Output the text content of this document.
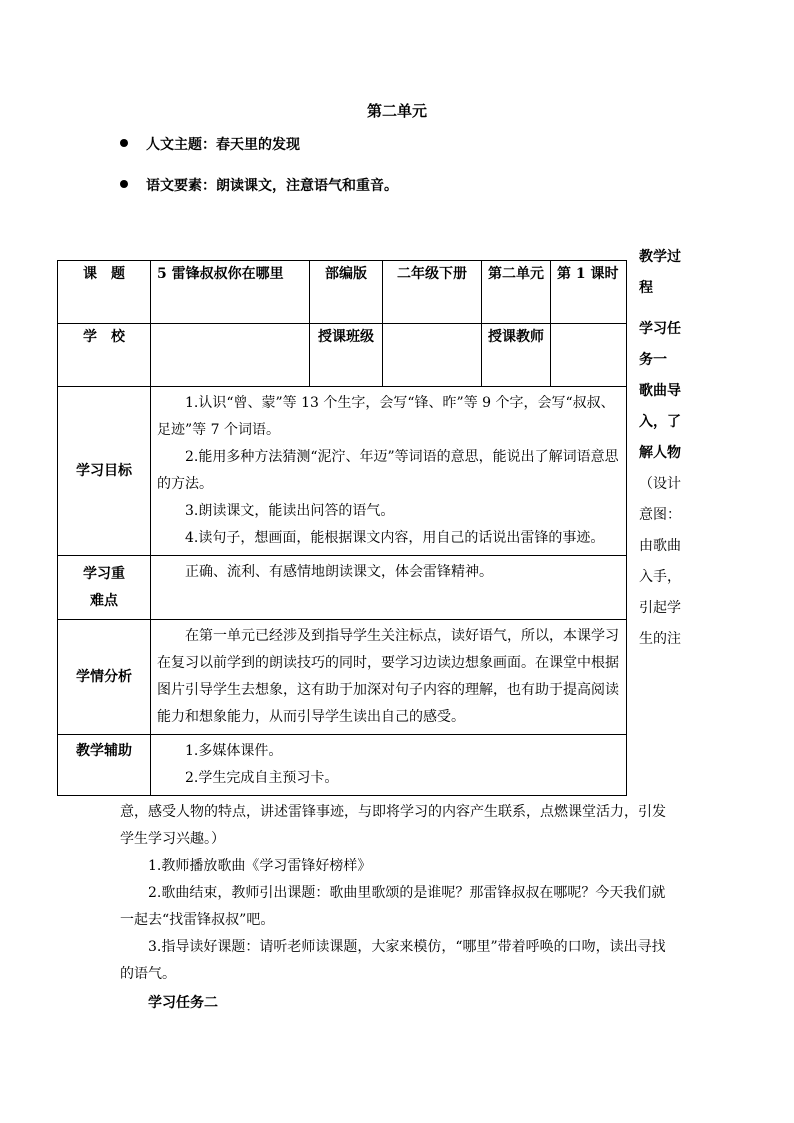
第二单元
人文主题：春天里的发现
语文要素：朗读课文，注意语气和重音。
课　题	5 雷锋叔叔你在哪里	部编版	二年级下册	第二单元	第 1 课时
学　校		授课班级		授课教师	
学习目标	1.认识“曾、蒙”等 13 个生字，会写“锋、昨”等 9 个字，会写“叔叔、足迹”等 7 个词语。

2.能用多种方法猜测“泥泞、年迈”等词语的意思，能说出了解词语意思的方法。

3.朗读课文，能读出问答的语气。

4.读句子，想画面，能根据课文内容，用自己的话说出雷锋的事迹。				

学习重难点	正确、流利、有感情地朗读课文，体会雷锋精神。				

学情分析	在第一单元已经涉及到指导学生关注标点，读好语气，所以，本课学习在复习以前学到的朗读技巧的同时，要学习边读边想象画面。在课堂中根据图片引导学生去想象，这有助于加深对句子内容的理解，也有助于提高阅读能力和想象能力，从而引导学生读出自己的感受。				

教学辅助	1.多媒体课件。

2.学生完成自主预习卡。				

教学过程
学习任务一
歌曲导入，了解人物
（设计意图：由歌曲入手，引起学生的注

意，感受人物的特点，讲述雷锋事迹，与即将学习的内容产生联系，点燃课堂活力，引发学生学习兴趣。）

1.教师播放歌曲《学习雷锋好榜样》

2.歌曲结束，教师引出课题：歌曲里歌颂的是谁呢？那雷锋叔叔在哪呢？今天我们就一起去“找雷锋叔叔”吧。

3.指导读好课题：请听老师读课题，大家来模仿，“哪里”带着呼唤的口吻，读出寻找的语气。

学习任务二
